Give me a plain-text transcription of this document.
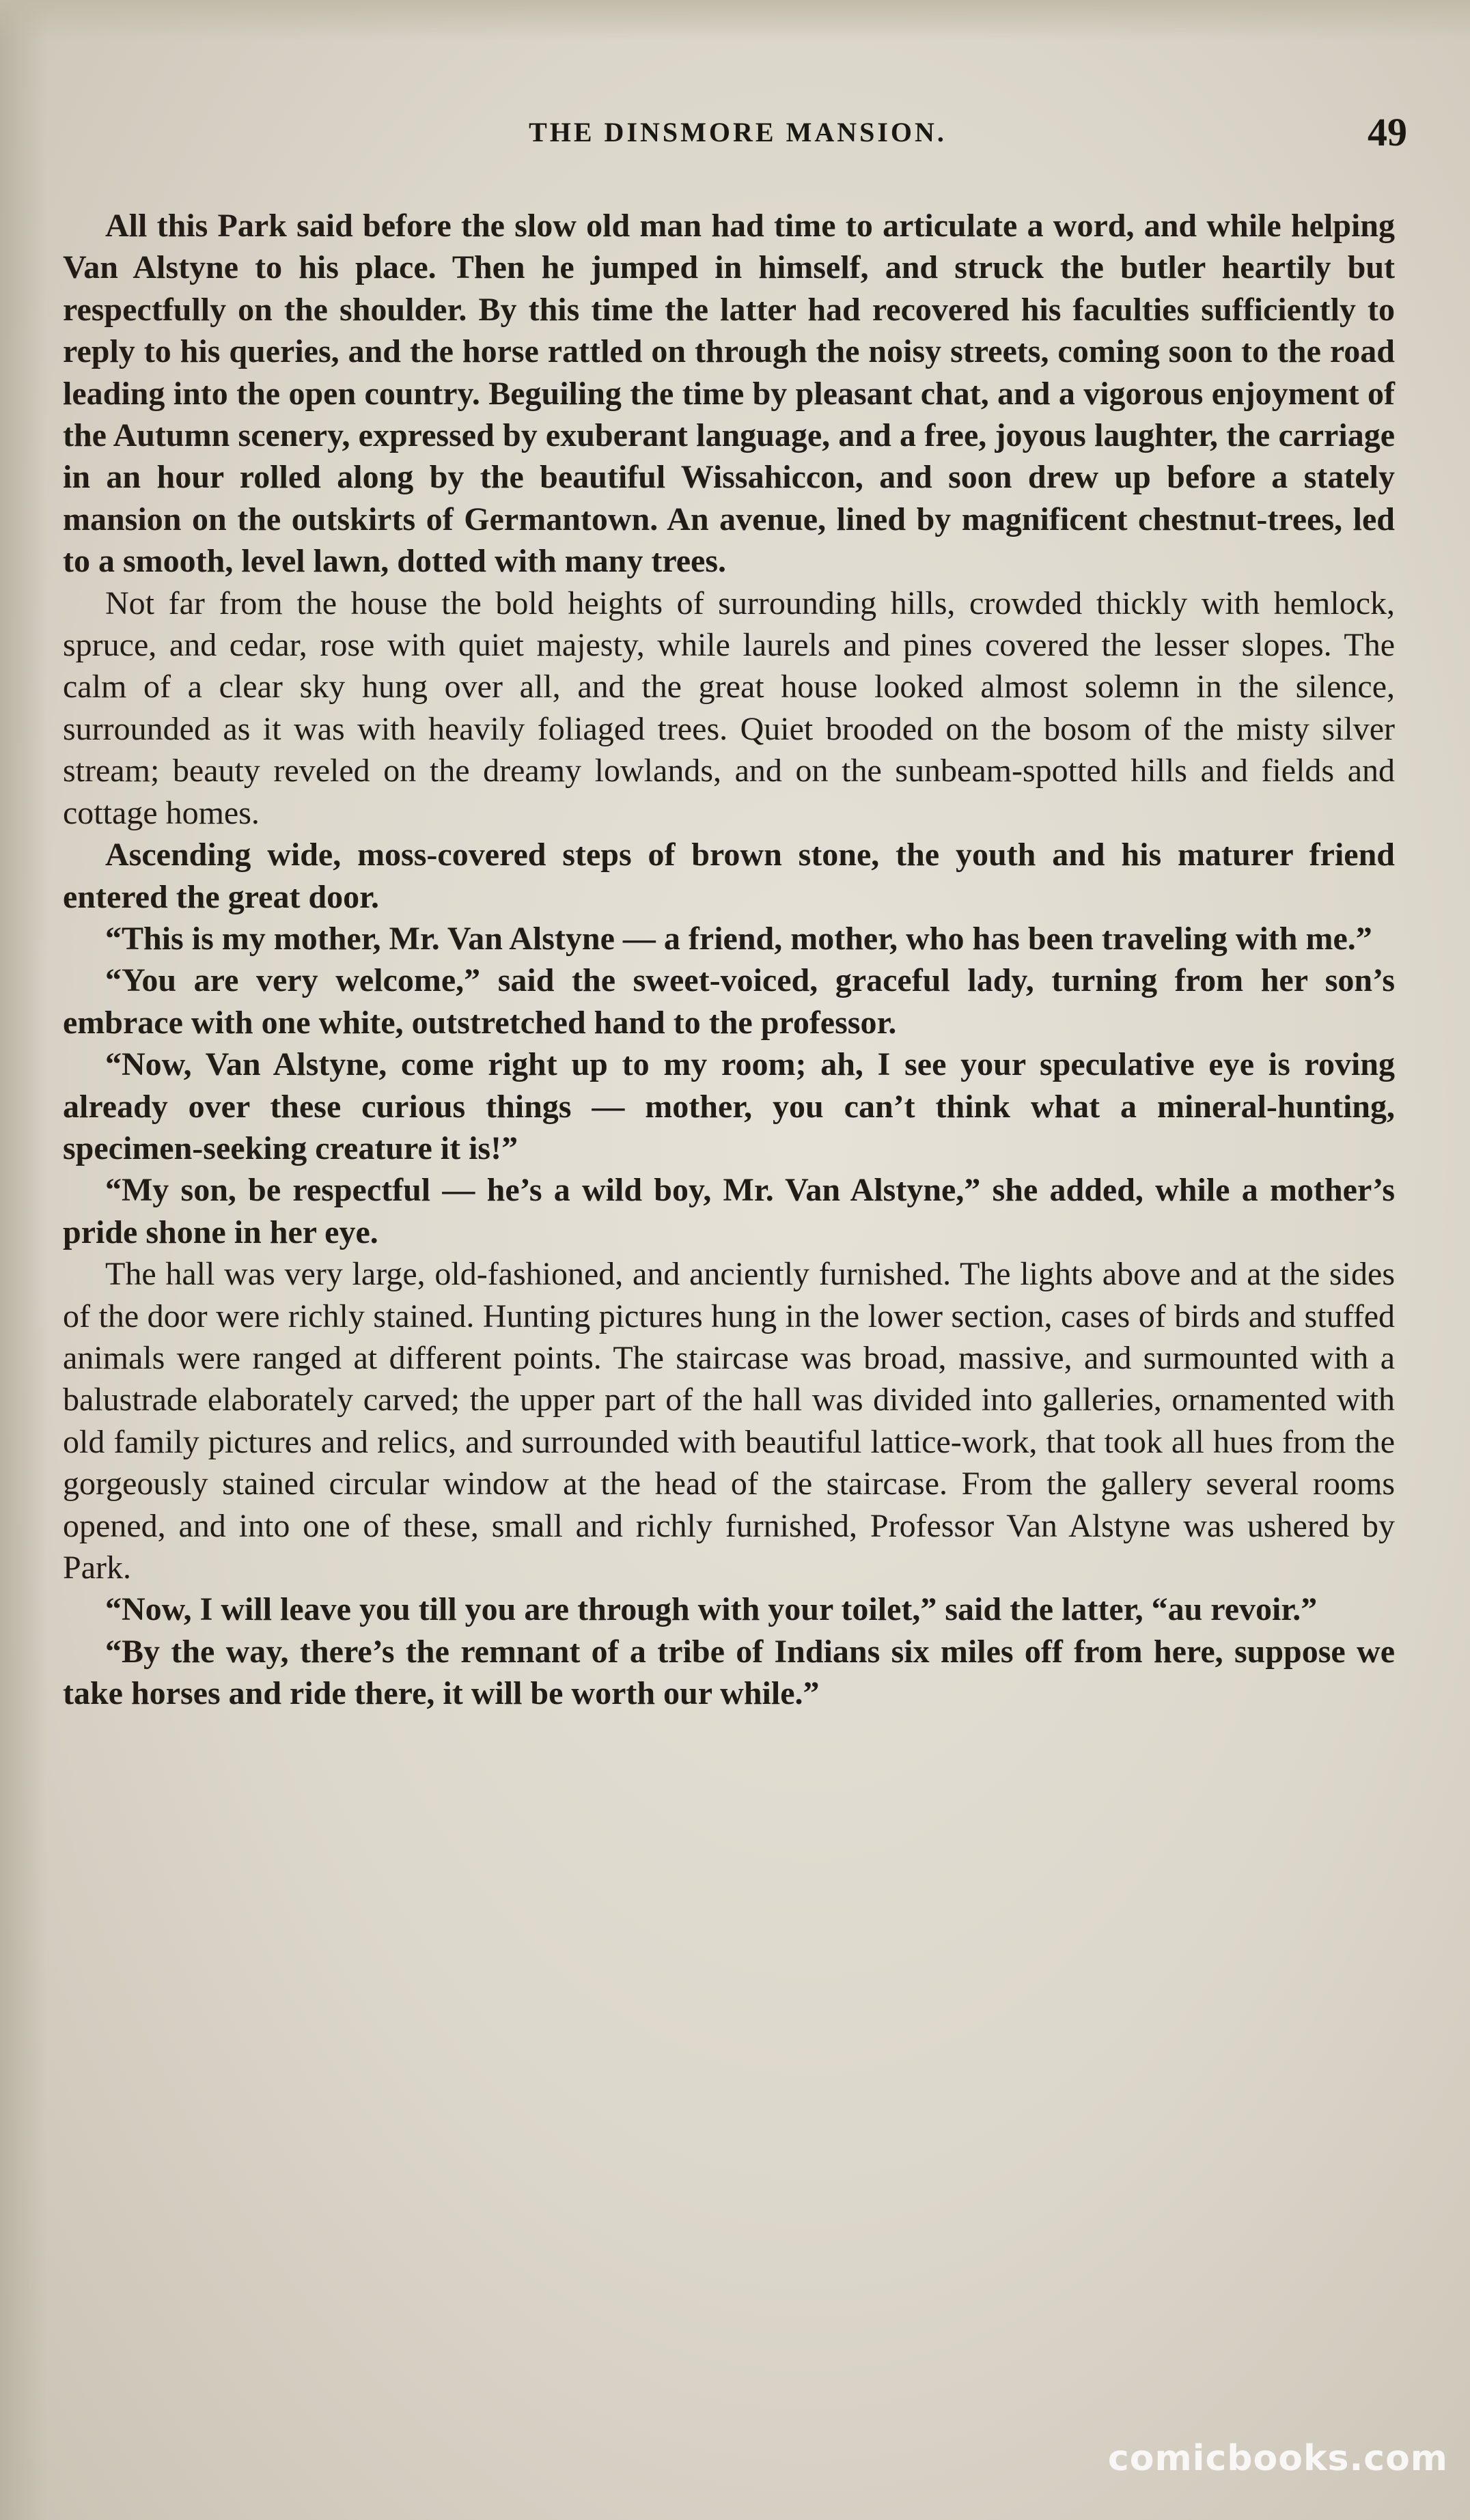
THE DINSMORE MANSION.	49

All this Park said before the slow old man had time to articulate a word, and while helping Van Alstyne to his place. Then he jumped in himself, and struck the butler heartily but respectfully on the shoulder. By this time the latter had recovered his faculties sufficiently to reply to his queries, and the horse rattled on through the noisy streets, coming soon to the road leading into the open country. Beguiling the time by pleasant chat, and a vigorous enjoyment of the Autumn scenery, expressed by exuberant language, and a free, joyous laughter, the carriage in an hour rolled along by the beautiful Wissahiccon, and soon drew up before a stately mansion on the outskirts of Germantown. An avenue, lined by magnificent chestnut-trees, led to a smooth, level lawn, dotted with many trees.

Not far from the house the bold heights of surrounding hills, crowded thickly with hemlock, spruce, and cedar, rose with quiet majesty, while laurels and pines covered the lesser slopes. The calm of a clear sky hung over all, and the great house looked almost solemn in the silence, surrounded as it was with heavily foliaged trees. Quiet brooded on the bosom of the misty silver stream; beauty reveled on the dreamy lowlands, and on the sunbeam-spotted hills and fields and cottage homes.

Ascending wide, moss-covered steps of brown stone, the youth and his maturer friend entered the great door.

“This is my mother, Mr. Van Alstyne — a friend, mother, who has been traveling with me.”

“You are very welcome,” said the sweet-voiced, graceful lady, turning from her son’s embrace with one white, outstretched hand to the professor.

“Now, Van Alstyne, come right up to my room; ah, I see your speculative eye is roving already over these curious things — mother, you can’t think what a mineral-hunting, specimen-seeking creature it is!”

“My son, be respectful — he’s a wild boy, Mr. Van Alstyne,” she added, while a mother’s pride shone in her eye.

The hall was very large, old-fashioned, and anciently furnished. The lights above and at the sides of the door were richly stained. Hunting pictures hung in the lower section, cases of birds and stuffed animals were ranged at different points. The staircase was broad, massive, and surmounted with a balustrade elaborately carved; the upper part of the hall was divided into galleries, ornamented with old family pictures and relics, and surrounded with beautiful lattice-work, that took all hues from the gorgeously stained circular window at the head of the staircase. From the gallery several rooms opened, and into one of these, small and richly furnished, Professor Van Alstyne was ushered by Park.

“Now, I will leave you till you are through with your toilet,” said the latter, “au revoir.”

“By the way, there’s the remnant of a tribe of Indians six miles off from here, suppose we take horses and ride there, it will be worth our while.”

comicbooks.com
